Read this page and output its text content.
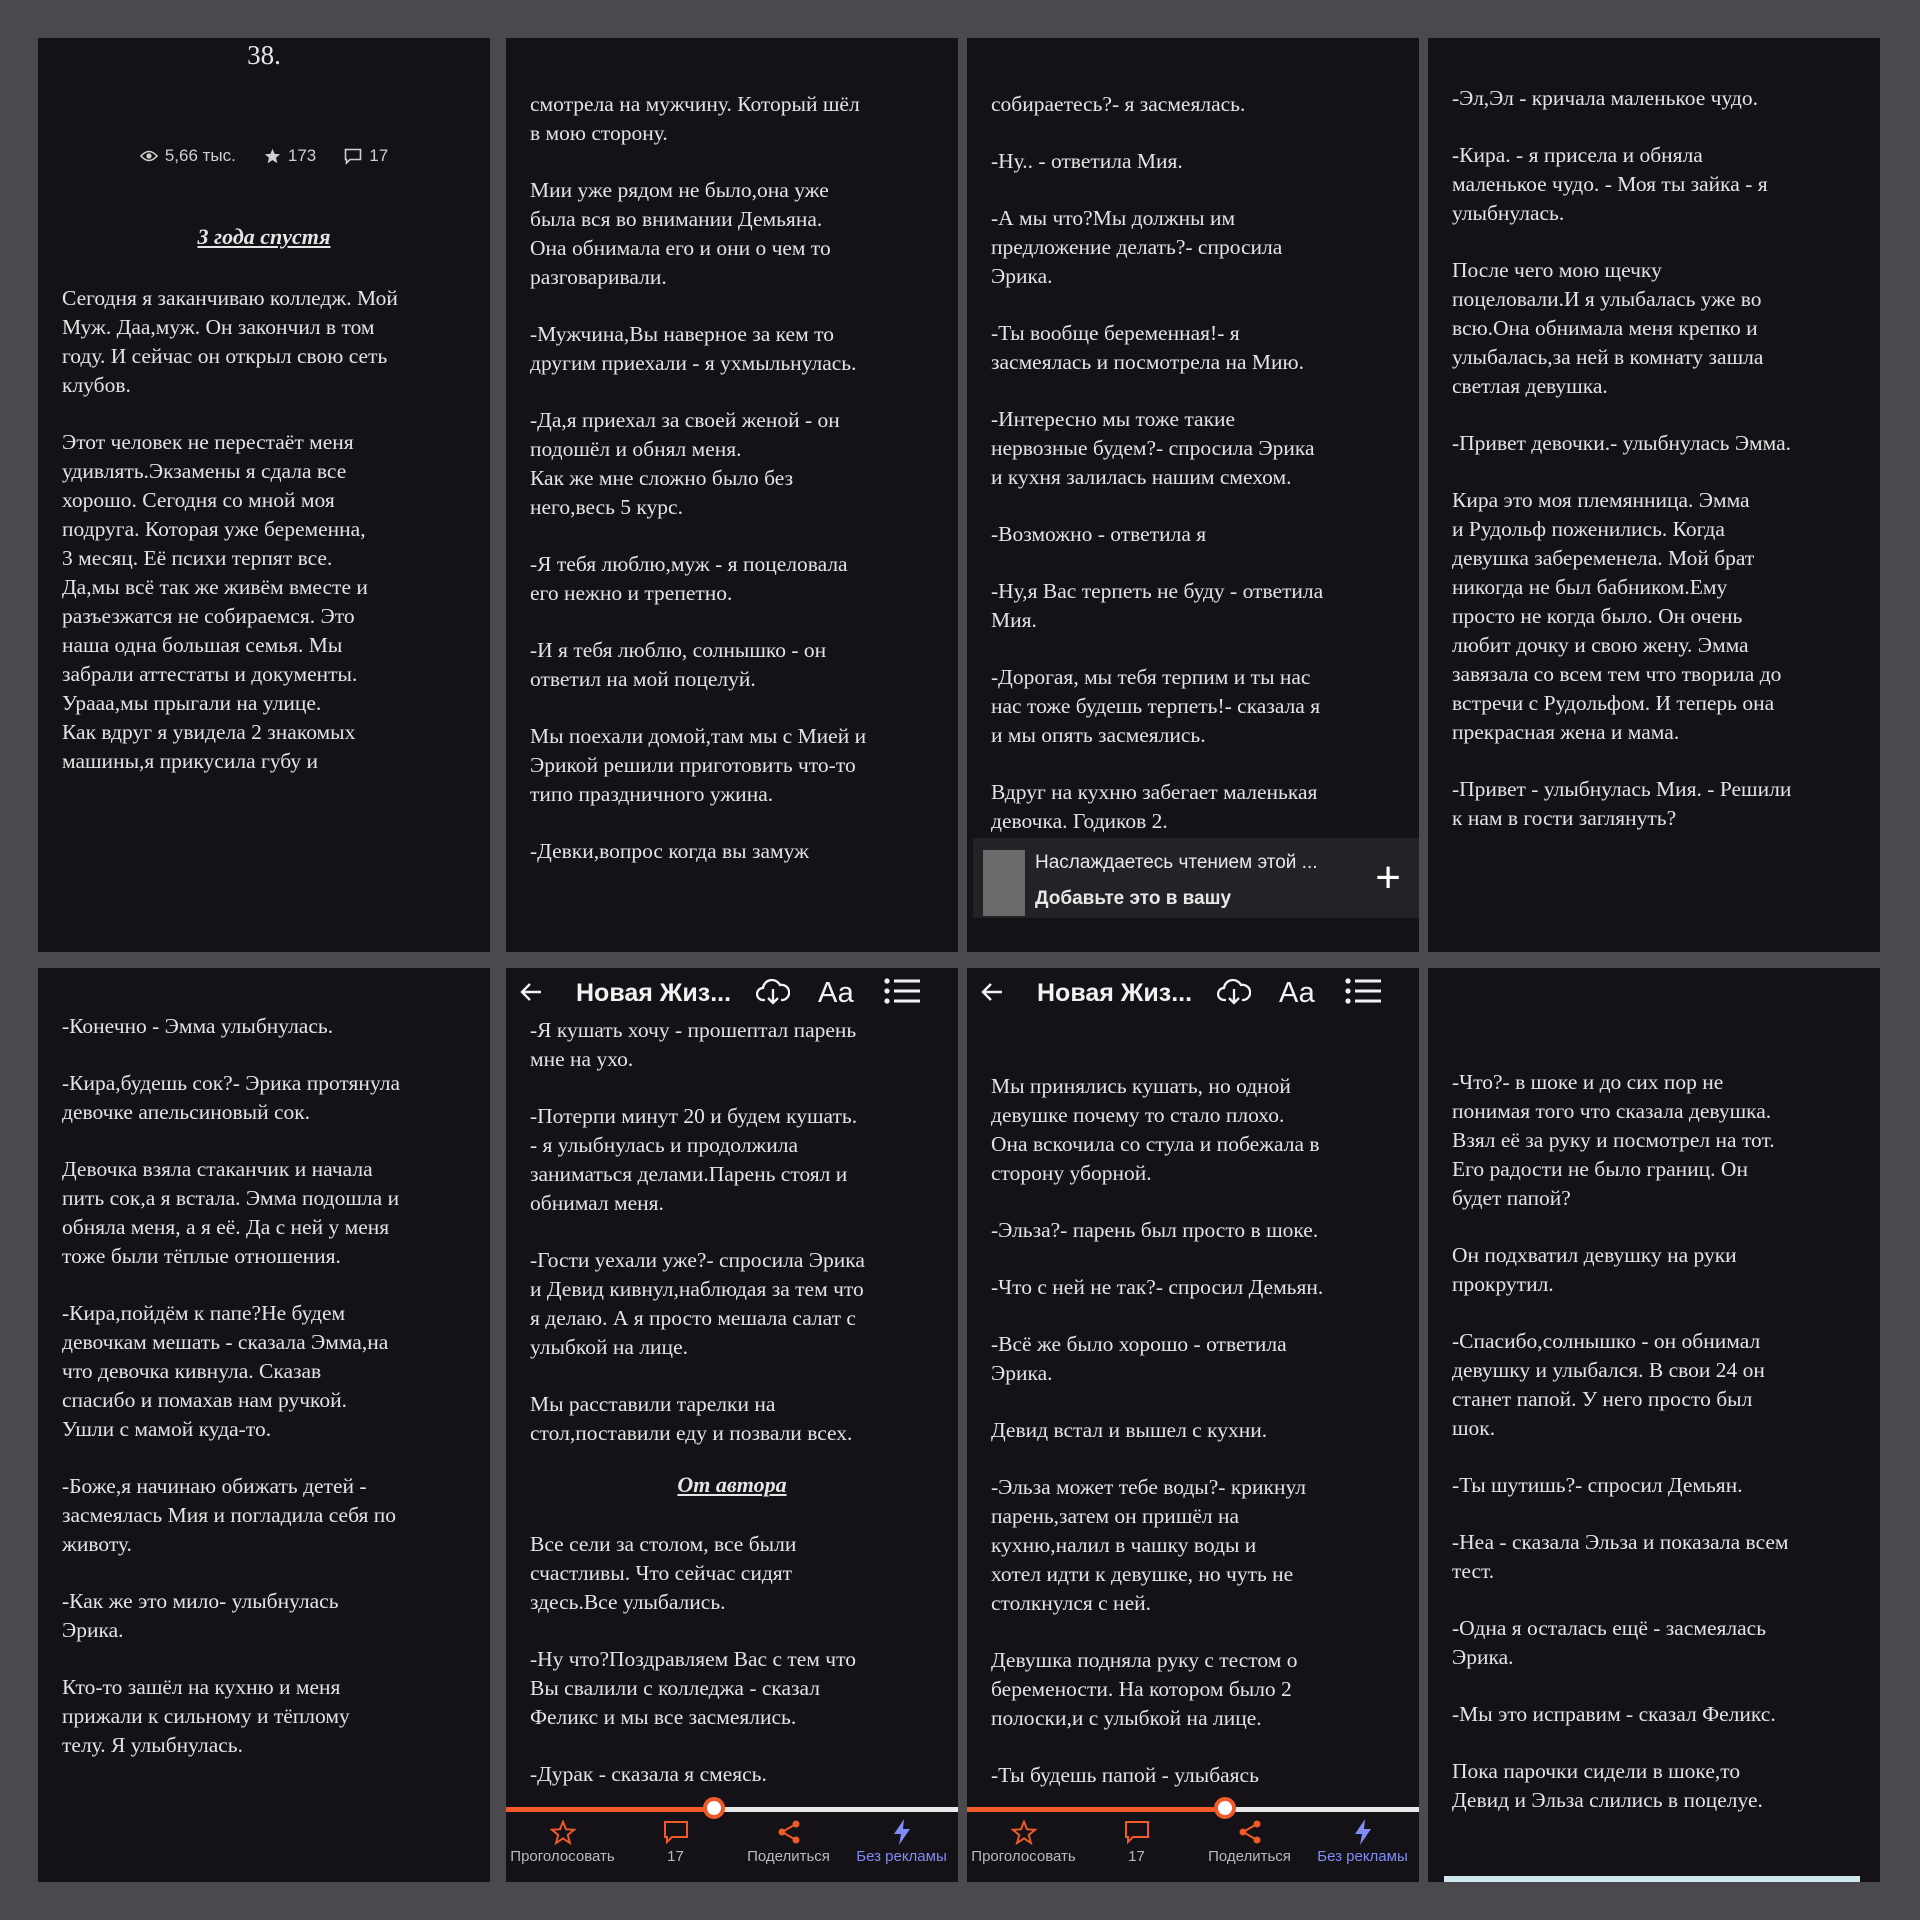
38.
5,66 тыс.	173	17
3 года спустя

Сегодня я заканчиваю колледж. Мой
Муж. Даа,муж. Он закончил в том
году. И сейчас он открыл свою сеть
клубов.

Этот человек не перестаёт меня
удивлять.Экзамены я сдала все
хорошо. Сегодня со мной моя
подруга. Которая уже беременна,
3 месяц. Её психи терпят все.
Да,мы всё так же живём вместе и
разъезжатся не собираемся. Это
наша одна большая семья. Мы
забрали аттестаты и документы.
Урааа,мы прыгали на улице.
Как вдруг я увидела 2 знакомых
машины,я прикусила губу и

смотрела на мужчину. Который шёл
в мою сторону.

Мии уже рядом не было,она уже
была вся во внимании Демьяна.
Она обнимала его и они о чем то
разговаривали.

-Мужчина,Вы наверное за кем то
другим приехали - я ухмыльнулась.

-Да,я приехал за своей женой - он
подошёл и обнял меня.
Как же мне сложно было без
него,весь 5 курс.

-Я тебя люблю,муж - я поцеловала
его нежно и трепетно.

-И я тебя люблю, солнышко - он
ответил на мой поцелуй.

Мы поехали домой,там мы с Мией и
Эрикой решили приготовить что-то
типо праздничного ужина.

-Девки,вопрос когда вы замуж

собираетесь?- я засмеялась.

-Ну.. - ответила Мия.

-А мы что?Мы должны им
предложение делать?- спросила
Эрика.

-Ты вообще беременная!- я
засмеялась и посмотрела на Мию.

-Интересно мы тоже такие
нервозные будем?- спросила Эрика
и кухня залилась нашим смехом.

-Возможно - ответила я

-Ну,я Вас терпеть не буду - ответила
Мия.

-Дорогая, мы тебя терпим и ты нас
нас тоже будешь терпеть!- сказала я
и мы опять засмеялись.

Вдруг на кухню забегает маленькая
девочка. Годиков 2.

Наслаждаетесь чтением этой ...
Добавьте это в вашу	+

-Эл,Эл - кричала маленькое чудо.

-Кира. - я присела и обняла
маленькое чудо. - Моя ты зайка - я
улыбнулась.

После чего мою щечку
поцеловали.И я улыбалась уже во
всю.Она обнимала меня крепко и
улыбалась,за ней в комнату зашла
светлая девушка.

-Привет девочки.- улыбнулась Эмма.

Кира это моя племянница. Эмма
и Рудольф поженились. Когда
девушка забеременела. Мой брат
никогда не был бабником.Ему
просто не когда было. Он очень
любит дочку и свою жену. Эмма
завязала со всем тем что творила до
встречи с Рудольфом. И теперь она
прекрасная жена и мама.

-Привет - улыбнулась Мия. - Решили
к нам в гости заглянуть?

-Конечно - Эмма улыбнулась.

-Кира,будешь сок?- Эрика протянула
девочке апельсиновый сок.

Девочка взяла стаканчик и начала
пить сок,а я встала. Эмма подошла и
обняла меня, а я её. Да с ней у меня
тоже были тёплые отношения.

-Кира,пойдём к папе?Не будем
девочкам мешать - сказала Эмма,на
что девочка кивнула. Сказав
спасибо и помахав нам ручкой.
Ушли с мамой куда-то.

-Боже,я начинаю обижать детей -
засмеялась Мия и погладила себя по
животу.

-Как же это мило- улыбнулась
Эрика.

Кто-то зашёл на кухню и меня
прижали к сильному и тёплому
телу. Я улыбнулась.

Новая Жиз...	Аа

-Я кушать хочу - прошептал парень
мне на ухо.

-Потерпи минут 20 и будем кушать.
- я улыбнулась и продолжила
заниматься делами.Парень стоял и
обнимал меня.

-Гости уехали уже?- спросила Эрика
и Девид кивнул,наблюдая за тем что
я делаю. А я просто мешала салат с
улыбкой на лице.

Мы расставили тарелки на
стол,поставили еду и позвали всех.

От автора

Все сели за столом, все были
счастливы. Что сейчас сидят
здесь.Все улыбались.

-Ну что?Поздравляем Вас с тем что
Вы свалили с колледжа - сказал
Феликс и мы все засмеялись.

-Дурак - сказала я смеясь.

Проголосовать	17	Поделиться	Без рекламы
Новая Жиз...	Аа

Мы принялись кушать, но одной
девушке почему то стало плохо.
Она вскочила со стула и побежала в
сторону уборной.

-Эльза?- парень был просто в шоке.

-Что с ней не так?- спросил Демьян.

-Всё же было хорошо - ответила
Эрика.

Девид встал и вышел с кухни.

-Эльза может тебе воды?- крикнул
парень,затем он пришёл на
кухню,налил в чашку воды и
хотел идти к девушке, но чуть не
столкнулся с ней.

Девушка подняла руку с тестом о
беремености. На котором было 2
полоски,и с улыбкой на лице.

-Ты будешь папой - улыбаясь

Проголосовать	17	Поделиться	Без рекламы

-Что?- в шоке и до сих пор не
понимая того что сказала девушка.
Взял её за руку и посмотрел на тот.
Его радости не было границ. Он
будет папой?

Он подхватил девушку на руки
прокрутил.

-Спасибо,солнышко - он обнимал
девушку и улыбался. В свои 24 он
станет папой. У него просто был
шок.

-Ты шутишь?- спросил Демьян.

-Неа - сказала Эльза и показала всем
тест.

-Одна я осталась ещё - засмеялась
Эрика.

-Мы это исправим - сказал Феликс.

Пока парочки сидели в шоке,то
Девид и Эльза слились в поцелуе.
